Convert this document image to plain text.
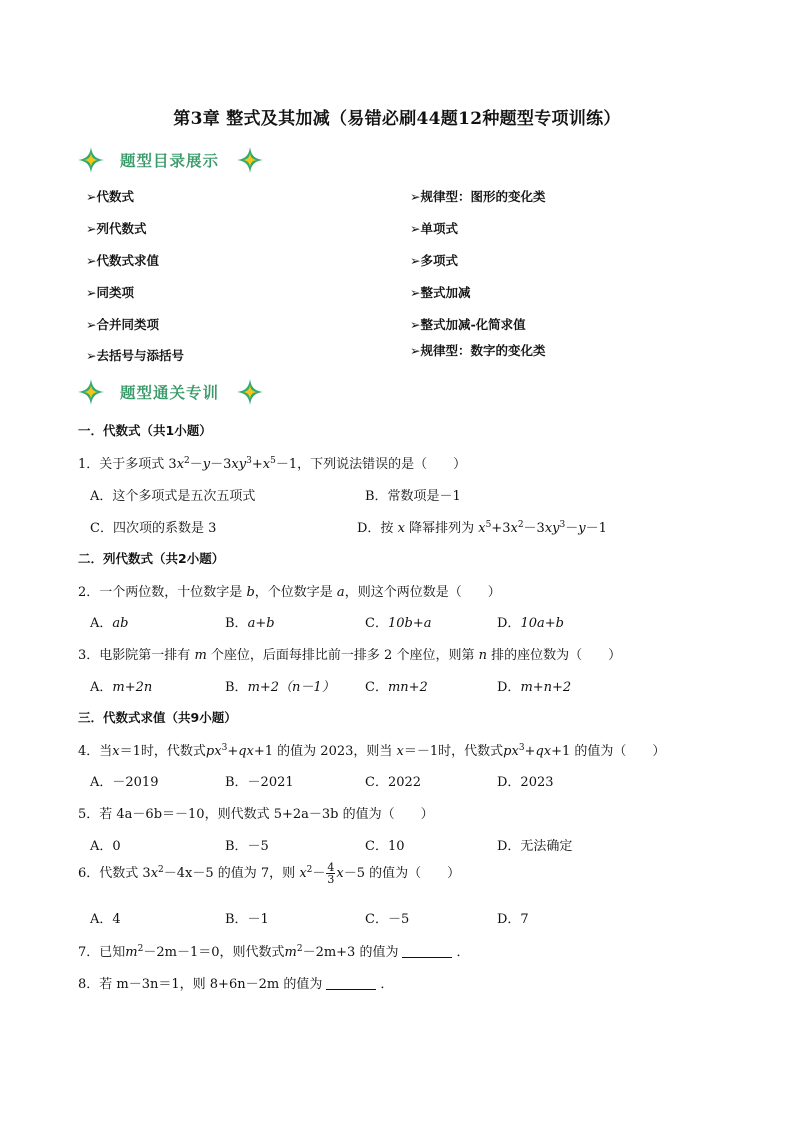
第3章 整式及其加减（易错必刷44题12种题型专项训练）
题型目录展示
➢代数式
➢列代数式
➢代数式求值
➢同类项
➢合并同类项
➢去括号与添括号
➢规律型：图形的变化类
➢单项式
➢多项式
➢整式加减
➢整式加减-化简求值
➢规律型：数字的变化类
题型通关专训
一．代数式（共1小题）
1．关于多项式 $3x^2-y-3xy^3+x^5-1$，下列说法错误的是（　　）
A．这个多项式是五次五项式	B．常数项是－1
C．四次项的系数是 3	D．按 x 降幂排列为 $x^5+3x^2-3xy^3-y-1$
二．列代数式（共2小题）
2．一个两位数，十位数字是 b，个位数字是 a，则这个两位数是（　　）
A．ab	B．a+b	C．10b+a	D．10a+b
3．电影院第一排有 m 个座位，后面每排比前一排多 2 个座位，则第 n 排的座位数为（　　）
A．m+2n	B．m+2（n－1） C．mn+2	D．m+n+2
三．代数式求值（共9小题）
4．当x＝1时，代数式$px^3+qx+1$ 的值为 2023，则当 x＝－1时，代数式$px^3+qx+1$ 的值为（　　）
A．－2019	B．－2021	C．2022	D．2023
5．若 4a－6b＝－10，则代数式 5+2a－3b 的值为（　　）
A．0	B．－5	C．10	D．无法确定
6．代数式 $3x^2-4x-5$ 的值为 7，则 $x^2- \frac{4}{3} x-5$ 的值为（　　）
A．4	B．－1	C．－5	D．7
7．已知$m^2-2m-1=0$，则代数式$m^2-2m+3$ 的值为	．
8．若 m－3n＝1，则 8+6n－2m 的值为	．
